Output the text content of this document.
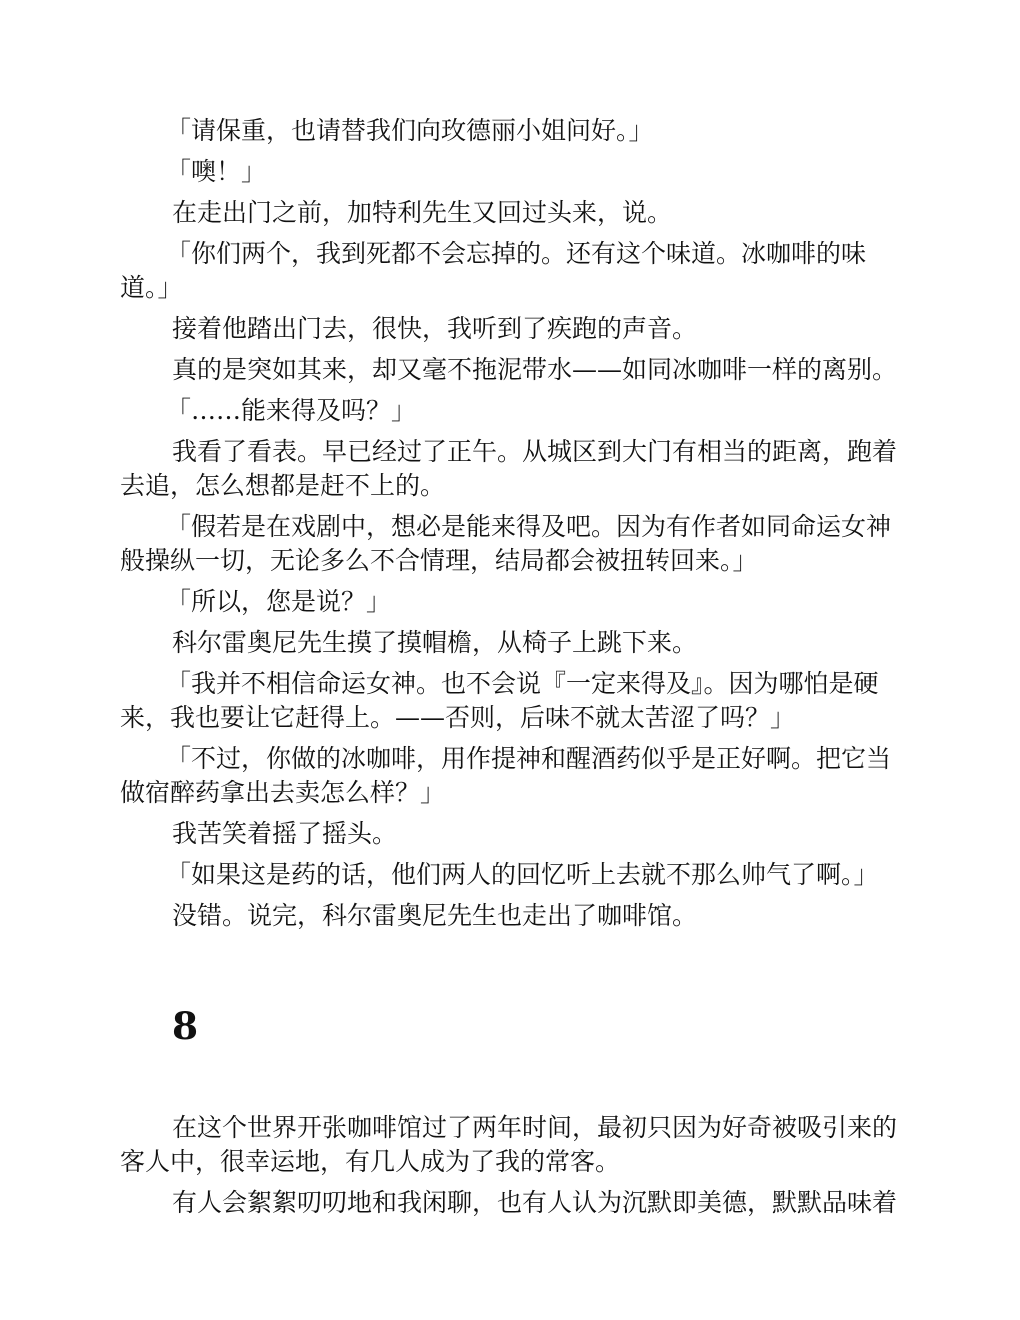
「请保重，也请替我们向玫德丽小姐问好。」

「噢！」

在走出门之前，加特利先生又回过头来，说。

「你们两个，我到死都不会忘掉的。还有这个味道。冰咖啡的味道。」

接着他踏出门去，很快，我听到了疾跑的声音。

真的是突如其来，却又毫不拖泥带水——如同冰咖啡一样的离别。

「……能来得及吗？」

我看了看表。早已经过了正午。从城区到大门有相当的距离，跑着去追，怎么想都是赶不上的。

「假若是在戏剧中，想必是能来得及吧。因为有作者如同命运女神般操纵一切，无论多么不合情理，结局都会被扭转回来。」

「所以，您是说？」

科尔雷奥尼先生摸了摸帽檐，从椅子上跳下来。

「我并不相信命运女神。也不会说『一定来得及』。因为哪怕是硬来，我也要让它赶得上。——否则，后味不就太苦涩了吗？」

「不过，你做的冰咖啡，用作提神和醒酒药似乎是正好啊。把它当做宿醉药拿出去卖怎么样？」

我苦笑着摇了摇头。

「如果这是药的话，他们两人的回忆听上去就不那么帅气了啊。」

没错。说完，科尔雷奥尼先生也走出了咖啡馆。

8

在这个世界开张咖啡馆过了两年时间，最初只因为好奇被吸引来的客人中，很幸运地，有几人成为了我的常客。

有人会絮絮叨叨地和我闲聊，也有人认为沉默即美德，默默品味着
